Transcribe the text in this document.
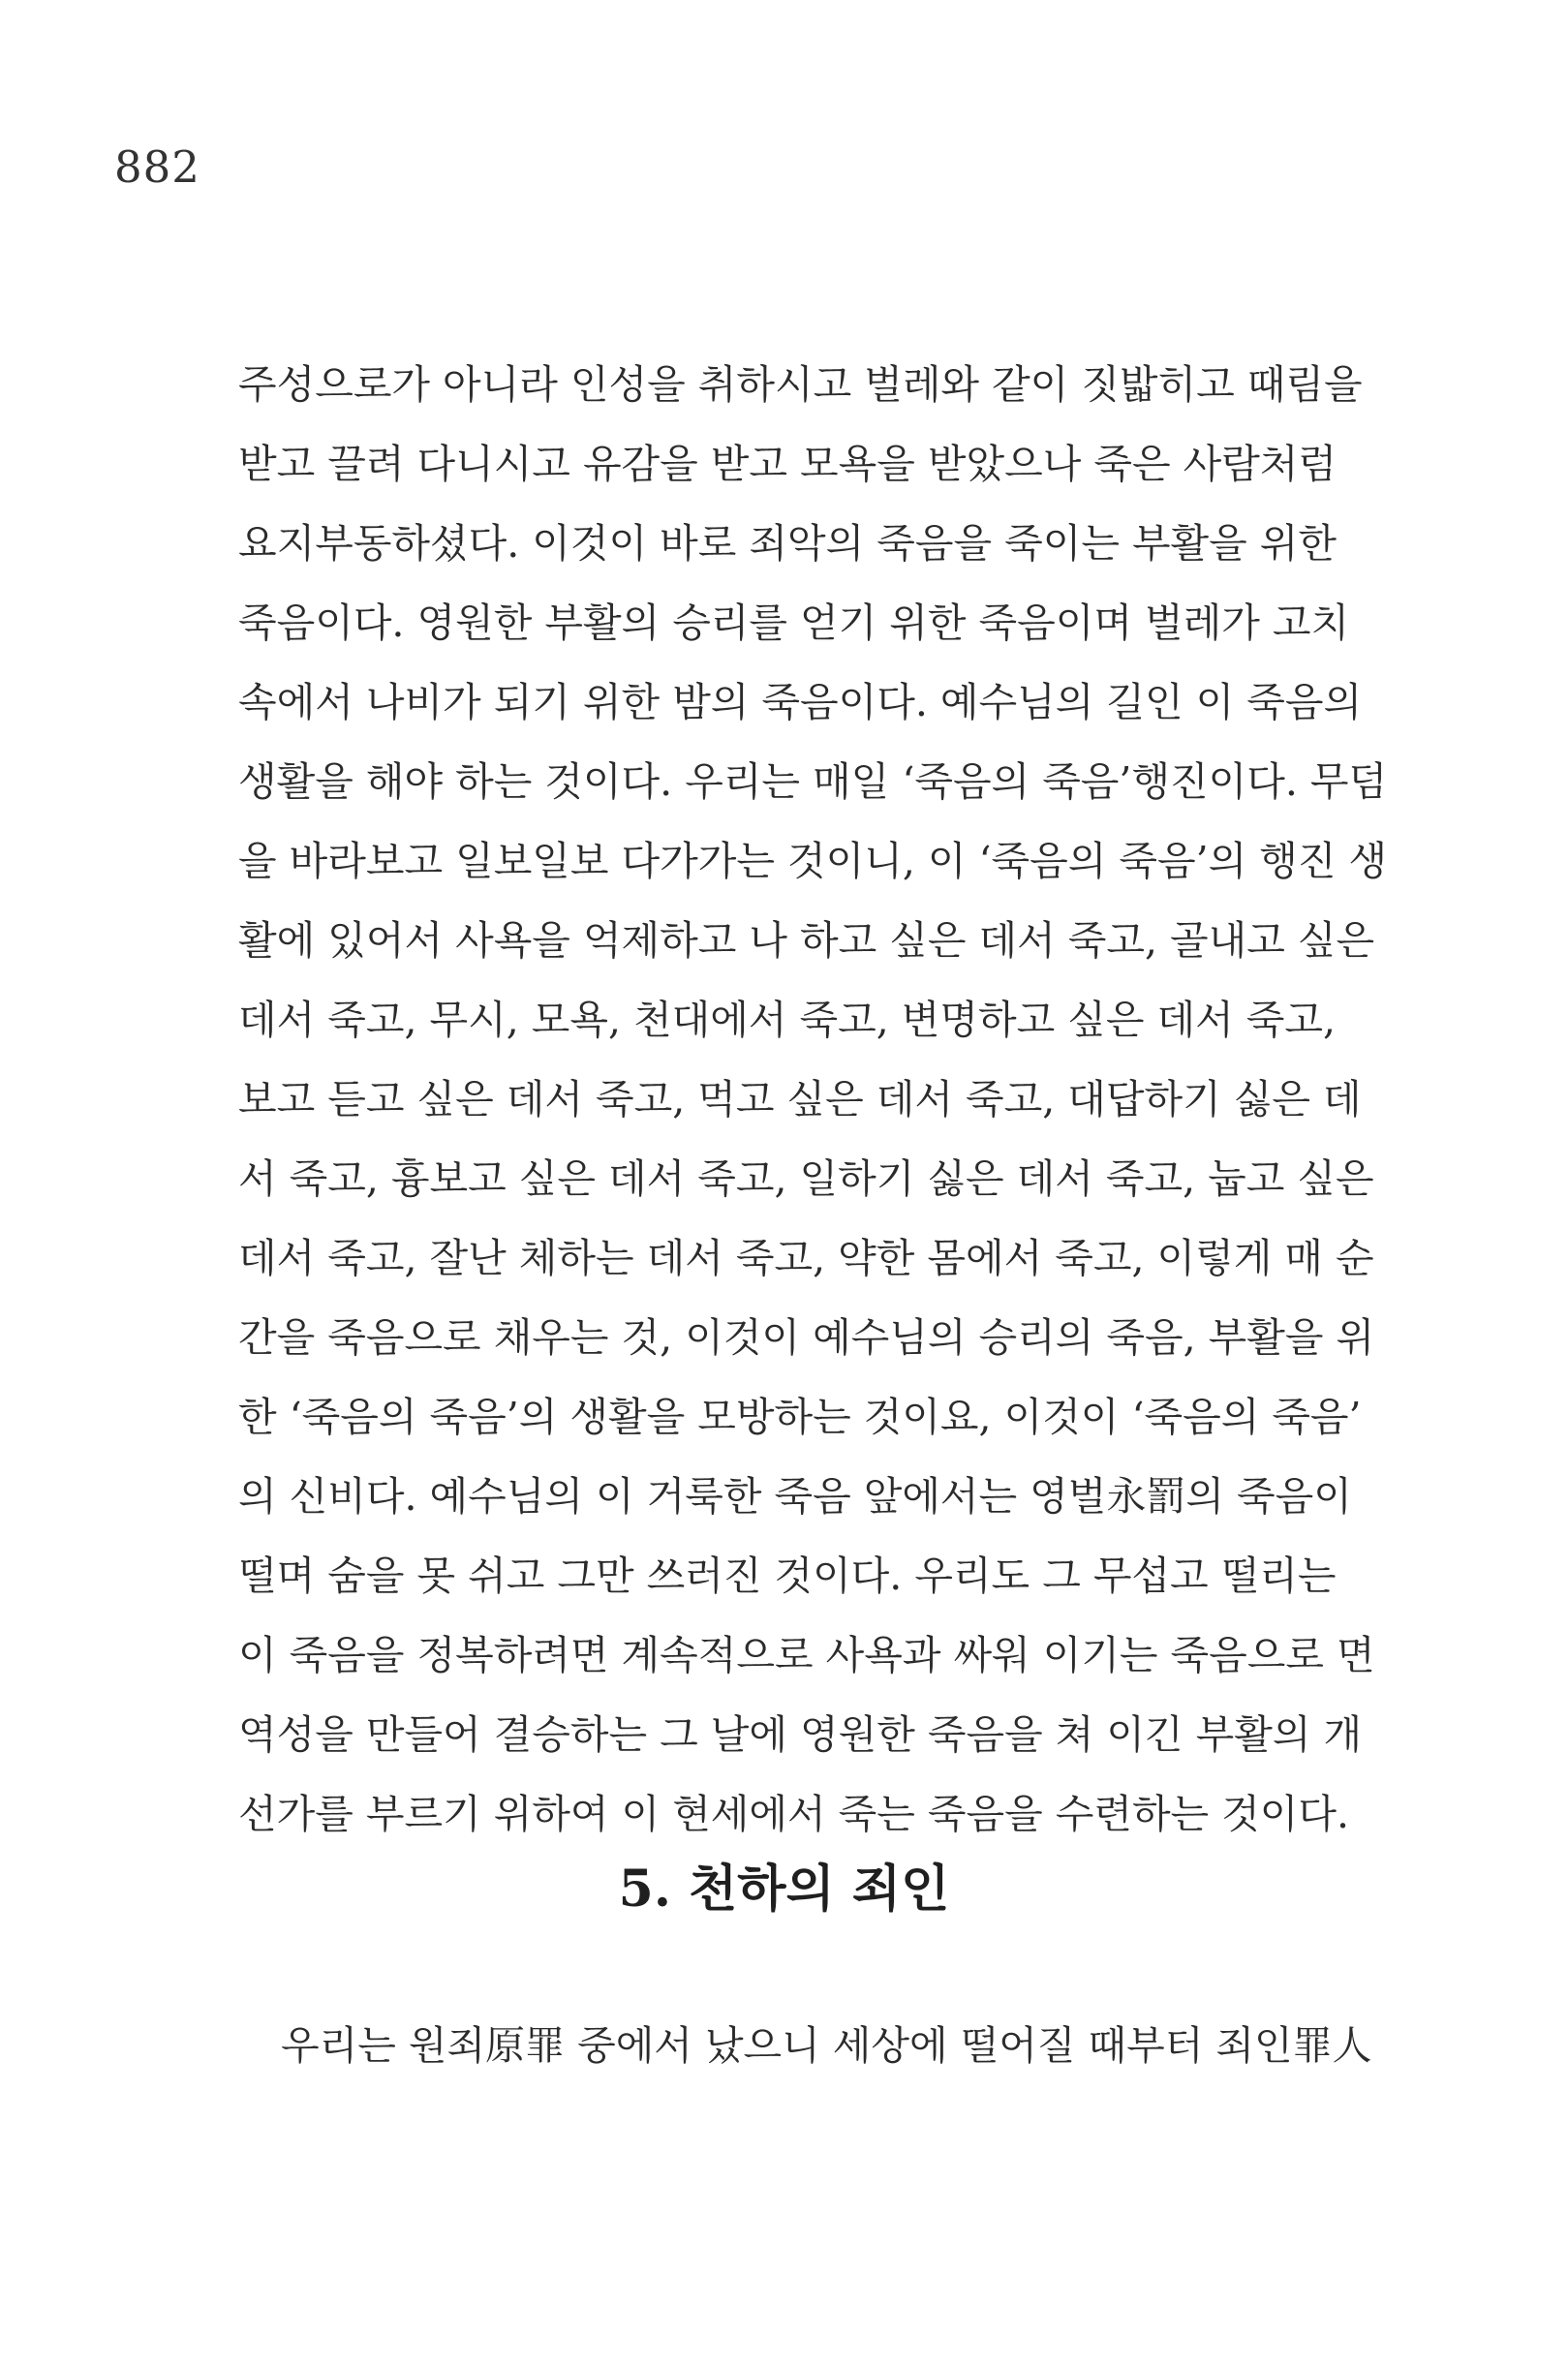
882
주성으로가 아니라 인성을 취하시고 벌레와 같이 짓밟히고 때림을
받고 끌려 다니시고 유감을 받고 모욕을 받았으나 죽은 사람처럼
요지부동하셨다. 이것이 바로 죄악의 죽음을 죽이는 부활을 위한
죽음이다. 영원한 부활의 승리를 얻기 위한 죽음이며 벌레가 고치
속에서 나비가 되기 위한 밤의 죽음이다. 예수님의 길인 이 죽음의
생활을 해야 하는 것이다. 우리는 매일 ‘죽음의 죽음’행진이다. 무덤
을 바라보고 일보일보 다가가는 것이니, 이 ‘죽음의 죽음’의 행진 생
활에 있어서 사욕을 억제하고 나 하고 싶은 데서 죽고, 골내고 싶은
데서 죽고, 무시, 모욕, 천대에서 죽고, 변명하고 싶은 데서 죽고,
보고 듣고 싶은 데서 죽고, 먹고 싶은 데서 죽고, 대답하기 싫은 데
서 죽고, 흉보고 싶은 데서 죽고, 일하기 싫은 데서 죽고, 눕고 싶은
데서 죽고, 잘난 체하는 데서 죽고, 약한 몸에서 죽고, 이렇게 매 순
간을 죽음으로 채우는 것, 이것이 예수님의 승리의 죽음, 부활을 위
한 ‘죽음의 죽음’의 생활을 모방하는 것이요, 이것이 ‘죽음의 죽음’
의 신비다. 예수님의 이 거룩한 죽음 앞에서는 영벌永罰의 죽음이
떨며 숨을 못 쉬고 그만 쓰러진 것이다. 우리도 그 무섭고 떨리는
이 죽음을 정복하려면 계속적으로 사욕과 싸워 이기는 죽음으로 면
역성을 만들어 결승하는 그 날에 영원한 죽음을 쳐 이긴 부활의 개
선가를 부르기 위하여 이 현세에서 죽는 죽음을 수련하는 것이다.
5. 천하의 죄인
우리는 원죄原罪 중에서 났으니 세상에 떨어질 때부터 죄인罪人
